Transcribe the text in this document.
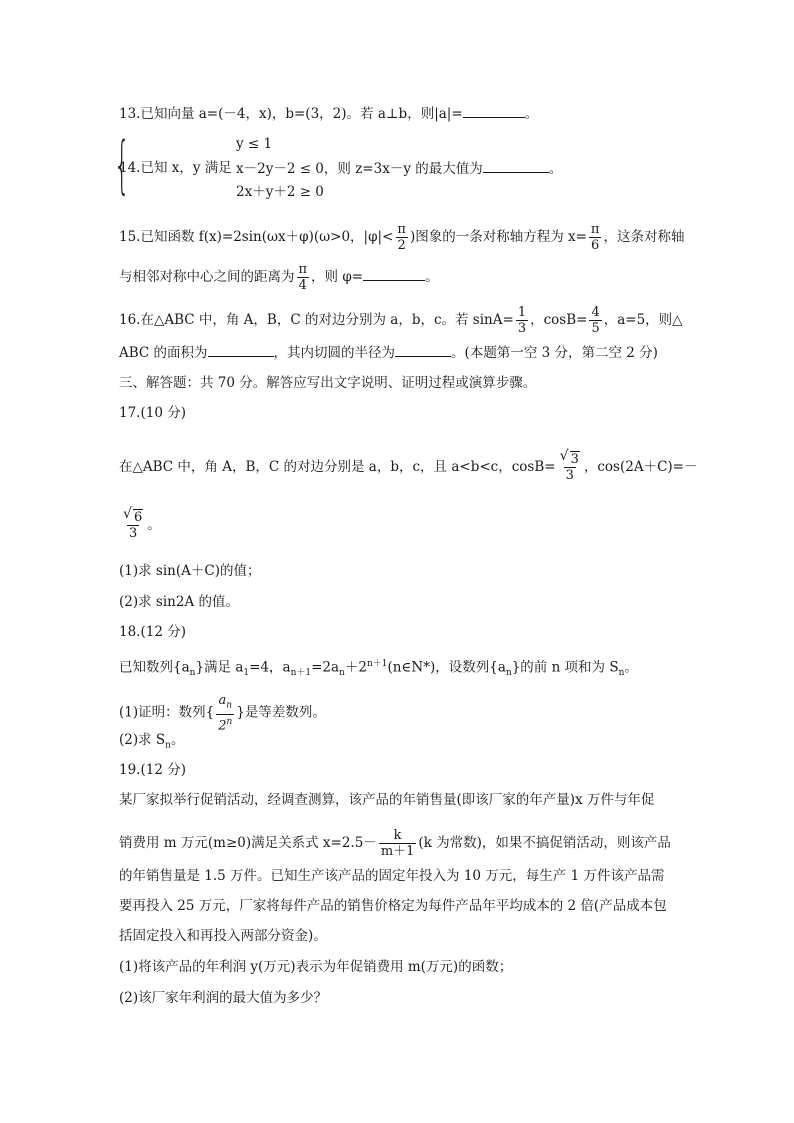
13.已知向量 a=(－4，x)，b=(3，2)。若 a⊥b，则|a|=	。
14.已知 x，y 满足
{	y ≤ 1
x－2y－2 ≤ 0，则 z=3x－y 的最大值为	。
2x＋y＋2 ≥ 0
15.已知函数 f(x)=2sin(ωx＋φ)(ω>0，$|\varphi|< \frac{\pi}{2}$ )图象的一条对称轴方程为 $x= \frac{\pi}{6}$ ，这条对称轴
与相邻对称中心之间的距离为 $\frac{\pi}{4}$ ，则 φ=	。
16.在△ABC 中，角 A，B，C 的对边分别为 a，b，c。若 $\sin A= \frac{1}{3}$ ，$\cos B= \frac{4}{5}$ ，a=5，则△
ABC 的面积为	，其内切圆的半径为	。(本题第一空 3 分，第二空 2 分)
三、解答题：共 70 分。解答应写出文字说明、证明过程或演算步骤。
17.(10 分)
在△ABC 中，角 A，B，C 的对边分别是 a，b，c，且 a<b<c，$\cos B= \frac{√ 3}{3}$ ，cos(2A＋C)=－
$\frac{√ 6}{3}$ 。
(1)求 sin(A＋C)的值；
(2)求 sin2A 的值。
18.(12 分)
已知数列$\{a_n\}$满足 $a_1=4$，$a_{n+1}=2a_n+2^{n+1}(n\in N*)$，设数列$\{a_n\}$的前 n 项和为 $S_n$。
(1)证明：数列{ $\frac{a_n}{2^n}$ }是等差数列。
(2)求 $S_n$。
19.(12 分)
某厂家拟举行促销活动，经调查测算，该产品的年销售量(即该厂家的年产量)x 万件与年促
销费用 m 万元(m≥0)满足关系式 $x=2.5- \frac{k}{m+1} (k$ 为常数)，如果不搞促销活动，则该产品
的年销售量是 1.5 万件。已知生产该产品的固定年投入为 10 万元，每生产 1 万件该产品需
要再投入 25 万元，厂家将每件产品的销售价格定为每件产品年平均成本的 2 倍(产品成本包
括固定投入和再投入两部分资金)。
(1)将该产品的年利润 y(万元)表示为年促销费用 m(万元)的函数；
(2)该厂家年利润的最大值为多少？
